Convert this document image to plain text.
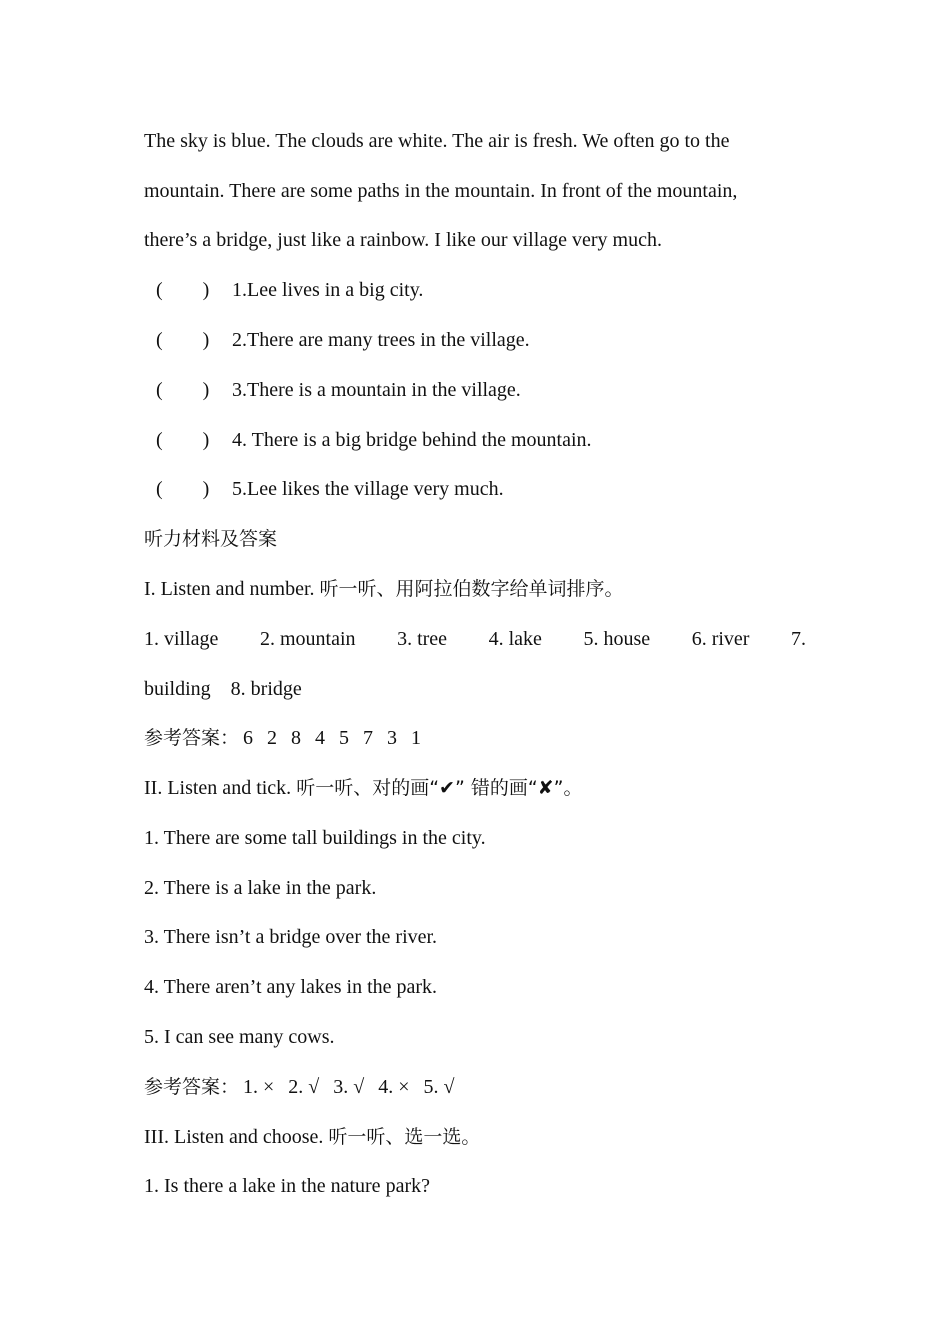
The sky is blue. The clouds are white. The air is fresh. We often go to the
mountain. There are some paths in the mountain. In front of the mountain,
there’s a bridge, just like a rainbow. I like our village very much.
(　　) 1.Lee lives in a big city.
(　　) 2.There are many trees in the village.
(　　) 3.There is a mountain in the village.
(　　) 4. There is a big bridge behind the mountain.
(　　) 5.Lee likes the village very much.
听力材料及答案
I. Listen and number. 听一听、用阿拉伯数字给单词排序。
1. village 2. mountain 3. tree 4. lake 5. house 6. river 7.
building　8. bridge
参考答案： 6 2 8 4 5 7 3 1
II. Listen and tick. 听一听、对的画“✔” 错的画“✘”。
1. There are some tall buildings in the city.
2. There is a lake in the park.
3. There isn’t a bridge over the river.
4. There aren’t any lakes in the park.
5. I can see many cows.
参考答案： 1. × 2. √ 3. √ 4. × 5. √
III. Listen and choose. 听一听、选一选。
1. Is there a lake in the nature park?
